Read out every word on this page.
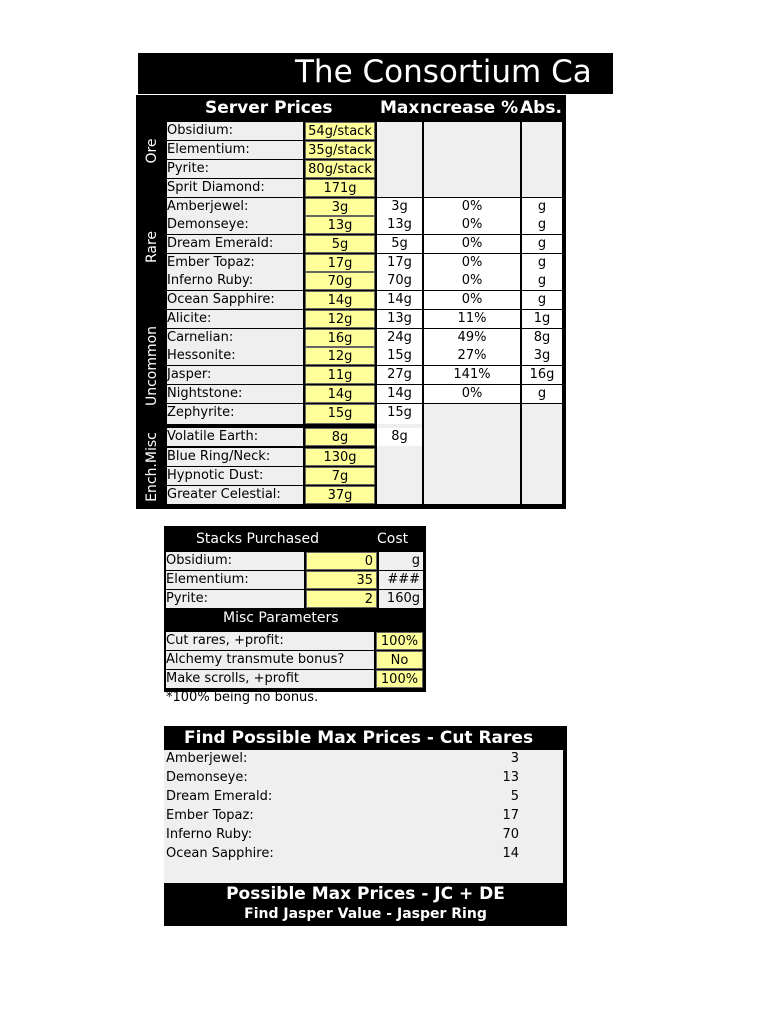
The Consortium Ca
Server Prices	Max ncrease % Abs.
Ore
Rare
Uncommon
Ench.Misc
Obsidium:	54g/stack
Elementium:	35g/stack
Pyrite:	80g/stack
Sprit Diamond:	171g
Amberjewel:	3g	3g	0%	g
Demonseye:	13g	13g	0%	g
Dream Emerald:	5g	5g	0%	g
Ember Topaz:	17g	17g	0%	g
Inferno Ruby:	70g	70g	0%	g
Ocean Sapphire:	14g	14g	0%	g
Alicite:	12g	13g	11%	1g
Carnelian:	16g	24g	49%	8g
Hessonite:	12g	15g	27%	3g
Jasper:	11g	27g	141%	16g
Nightstone:	14g	14g	0%	g
Zephyrite:	15g	15g
Volatile Earth:	8g	8g
Blue Ring/Neck:	130g
Hypnotic Dust:	7g
Greater Celestial:	37g
Stacks Purchased	Cost
Obsidium:	0	g
Elementium:	35	###
Pyrite:	2	160g
Misc Parameters
Cut rares, +profit:	100%
Alchemy transmute bonus?	No
Make scrolls, +profit	100%
*100% being no bonus.
Find Possible Max Prices - Cut Rares
Amberjewel:	3
Demonseye:	13
Dream Emerald:	5
Ember Topaz:	17
Inferno Ruby:	70
Ocean Sapphire:	14
Possible Max Prices - JC + DE
Find Jasper Value - Jasper Ring
